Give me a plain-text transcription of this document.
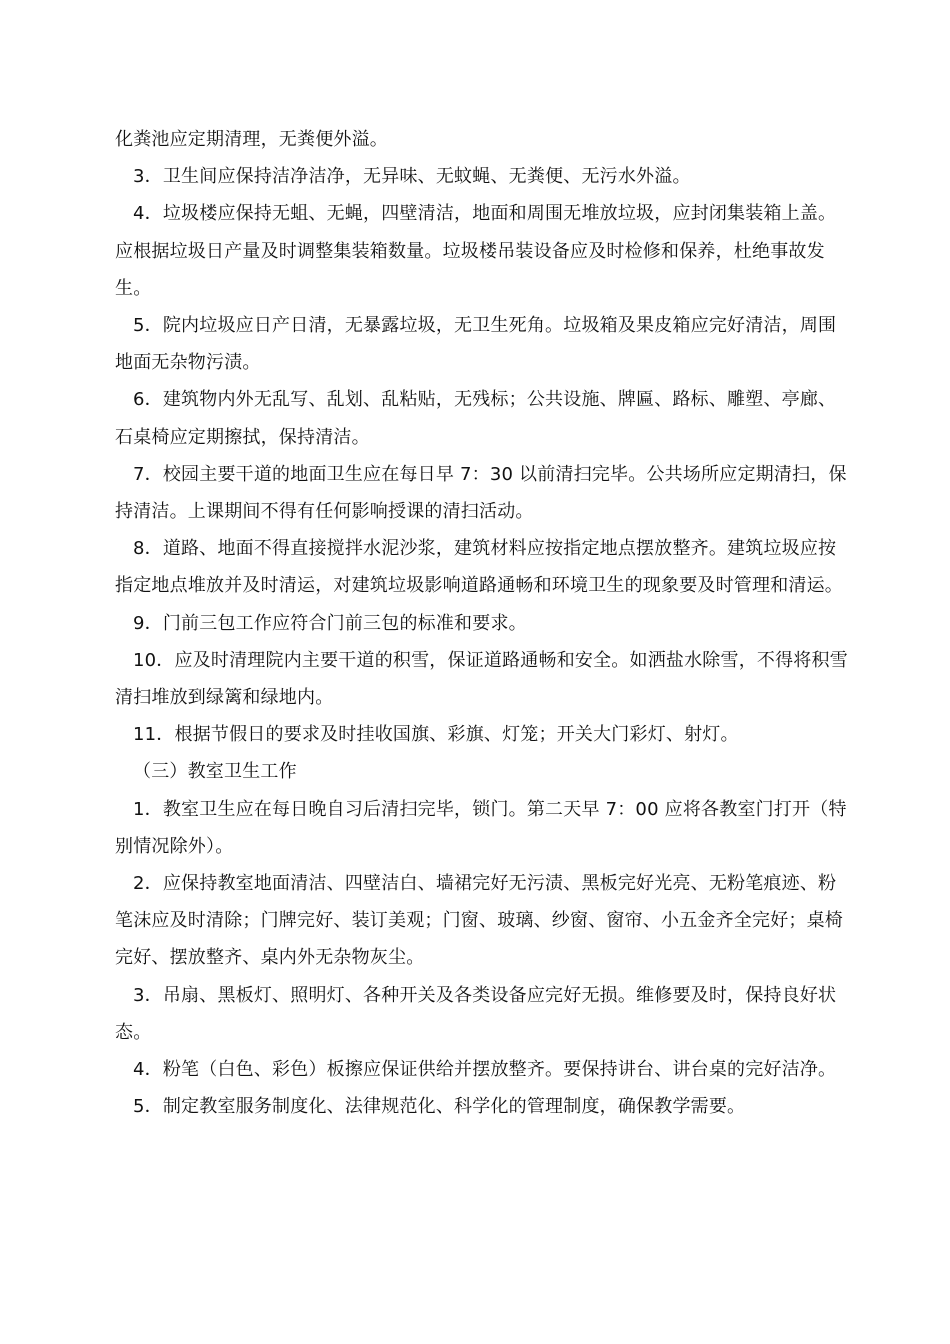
化粪池应定期清理，无粪便外溢。

3．卫生间应保持洁净洁净，无异味、无蚊蝇、无粪便、无污水外溢。

4．垃圾楼应保持无蛆、无蝇，四壁清洁，地面和周围无堆放垃圾，应封闭集装箱上盖。应根据垃圾日产量及时调整集装箱数量。垃圾楼吊装设备应及时检修和保养，杜绝事故发生。

5．院内垃圾应日产日清，无暴露垃圾，无卫生死角。垃圾箱及果皮箱应完好清洁，周围地面无杂物污渍。

6．建筑物内外无乱写、乱划、乱粘贴，无残标；公共设施、牌匾、路标、雕塑、亭廊、石桌椅应定期擦拭，保持清洁。

7．校园主要干道的地面卫生应在每日早 7：30 以前清扫完毕。公共场所应定期清扫，保持清洁。上课期间不得有任何影响授课的清扫活动。

8．道路、地面不得直接搅拌水泥沙浆，建筑材料应按指定地点摆放整齐。建筑垃圾应按指定地点堆放并及时清运，对建筑垃圾影响道路通畅和环境卫生的现象要及时管理和清运。

9．门前三包工作应符合门前三包的标准和要求。

10．应及时清理院内主要干道的积雪，保证道路通畅和安全。如洒盐水除雪，不得将积雪清扫堆放到绿篱和绿地内。

11．根据节假日的要求及时挂收国旗、彩旗、灯笼；开关大门彩灯、射灯。

（三）教室卫生工作

1．教室卫生应在每日晚自习后清扫完毕，锁门。第二天早 7：00 应将各教室门打开（特别情况除外）。

2．应保持教室地面清洁、四壁洁白、墙裙完好无污渍、黑板完好光亮、无粉笔痕迹、粉笔沫应及时清除；门牌完好、装订美观；门窗、玻璃、纱窗、窗帘、小五金齐全完好；桌椅完好、摆放整齐、桌内外无杂物灰尘。

3．吊扇、黑板灯、照明灯、各种开关及各类设备应完好无损。维修要及时，保持良好状态。

4．粉笔（白色、彩色）板擦应保证供给并摆放整齐。要保持讲台、讲台桌的完好洁净。

5．制定教室服务制度化、法律规范化、科学化的管理制度，确保教学需要。
